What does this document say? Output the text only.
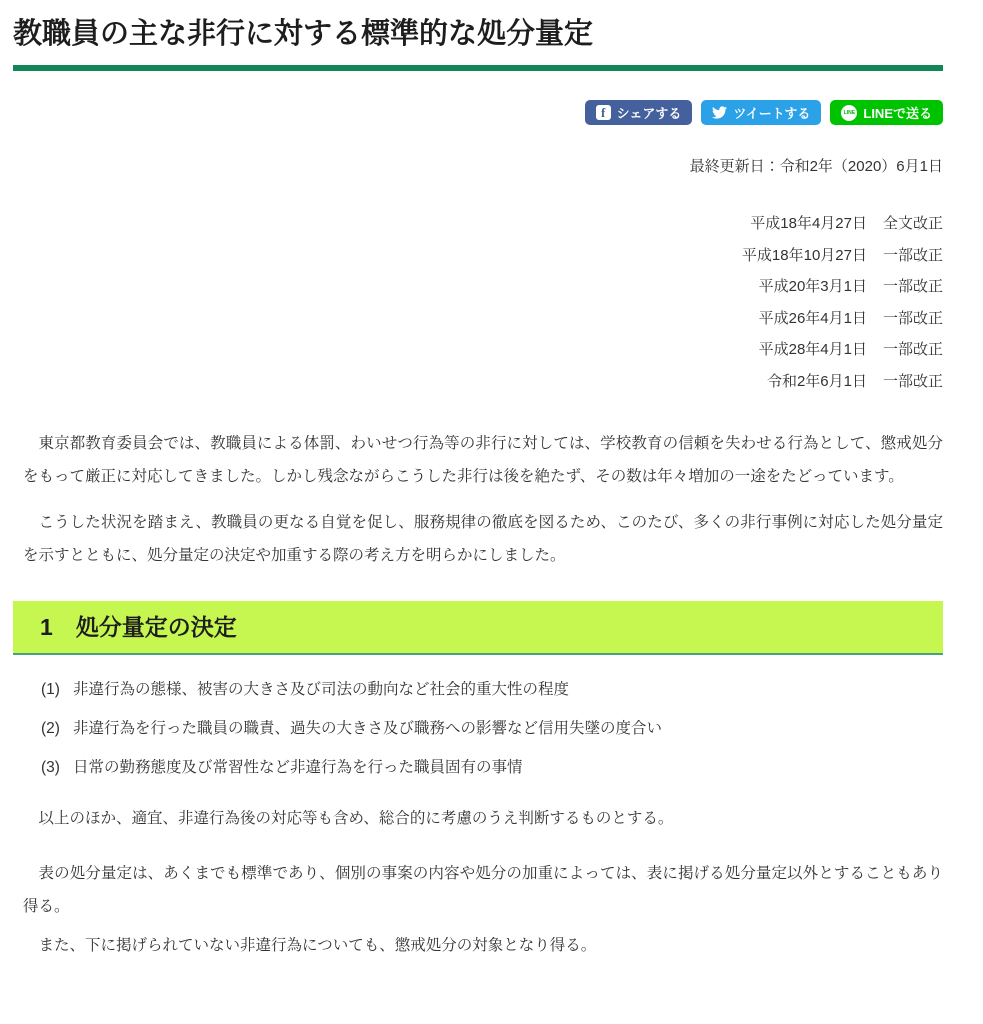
教職員の主な非行に対する標準的な処分量定
f シェアする	ツイートする	LINE LINEで送る
最終更新日：令和2年（2020）6月1日
平成18年4月27日 全文改正
平成18年10月27日 一部改正
平成20年3月1日 一部改正
平成26年4月1日 一部改正
平成28年4月1日 一部改正
令和2年6月1日 一部改正

東京都教育委員会では、教職員による体罰、わいせつ行為等の非行に対しては、学校教育の信頼を失わせる行為として、懲戒処分をもって厳正に対応してきました。しかし残念ながらこうした非行は後を絶たず、その数は年々増加の一途をたどっています。

こうした状況を踏まえ、教職員の更なる自覚を促し、服務規律の徹底を図るため、このたび、多くの非行事例に対応した処分量定を示すとともに、処分量定の決定や加重する際の考え方を明らかにしました。

1 処分量定の決定
(1) 非違行為の態様、被害の大きさ及び司法の動向など社会的重大性の程度
(2) 非違行為を行った職員の職責、過失の大きさ及び職務への影響など信用失墜の度合い
(3) 日常の勤務態度及び常習性など非違行為を行った職員固有の事情

以上のほか、適宜、非違行為後の対応等も含め、総合的に考慮のうえ判断するものとする。

表の処分量定は、あくまでも標準であり、個別の事案の内容や処分の加重によっては、表に掲げる処分量定以外とすることもあり得る。

また、下に掲げられていない非違行為についても、懲戒処分の対象となり得る。
